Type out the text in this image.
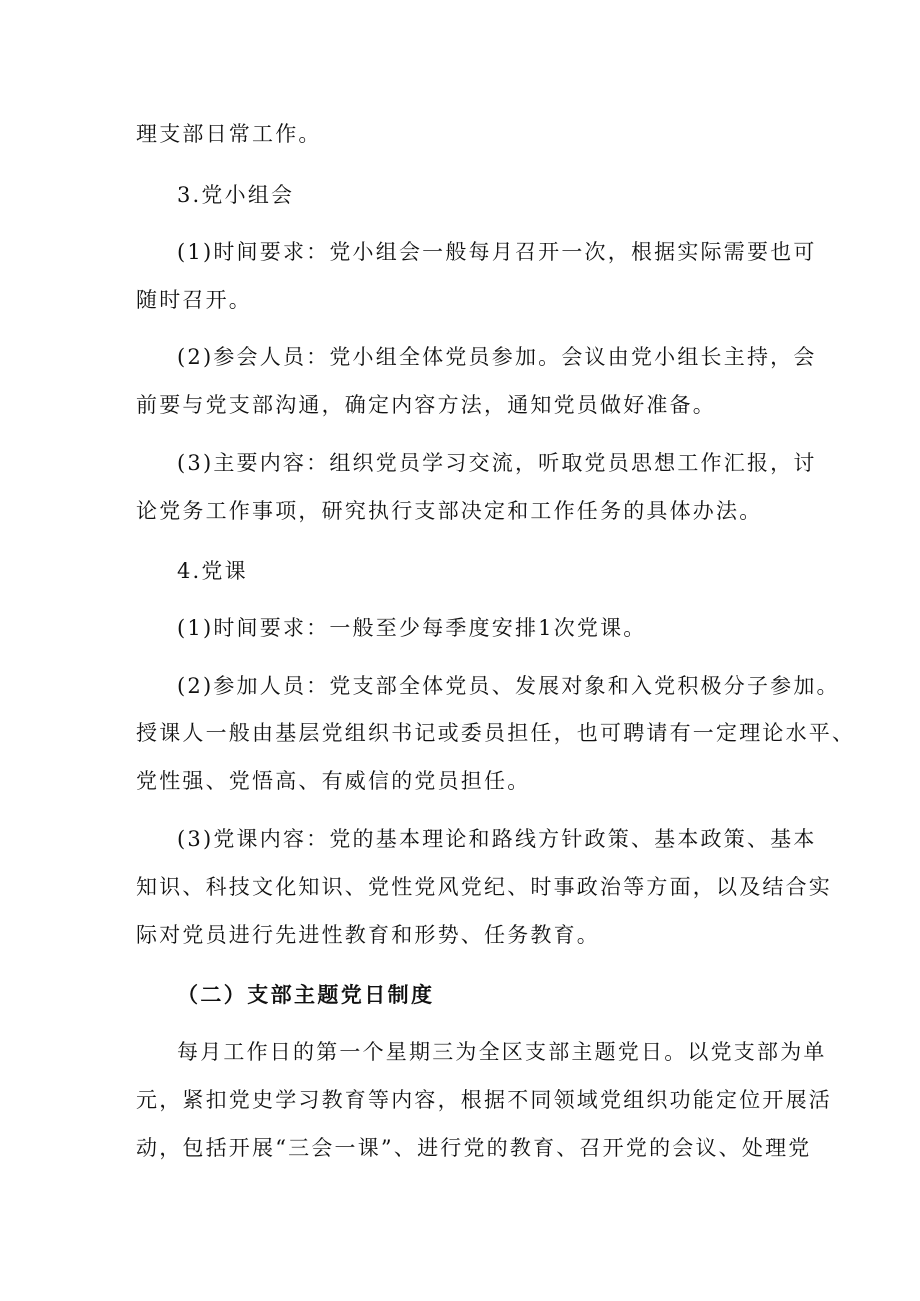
理支部日常工作。
3.党小组会
(1)时间要求：党小组会一般每月召开一次，根据实际需要也可
随时召开。
(2)参会人员：党小组全体党员参加。会议由党小组长主持，会
前要与党支部沟通，确定内容方法，通知党员做好准备。
(3)主要内容：组织党员学习交流，听取党员思想工作汇报，讨
论党务工作事项，研究执行支部决定和工作任务的具体办法。
4.党课
(1)时间要求：一般至少每季度安排1次党课。
(2)参加人员：党支部全体党员、发展对象和入党积极分子参加。
授课人一般由基层党组织书记或委员担任，也可聘请有一定理论水平、
党性强、党悟高、有威信的党员担任。
(3)党课内容：党的基本理论和路线方针政策、基本政策、基本
知识、科技文化知识、党性党风党纪、时事政治等方面，以及结合实
际对党员进行先进性教育和形势、任务教育。
（二）支部主题党日制度
每月工作日的第一个星期三为全区支部主题党日。以党支部为单
元，紧扣党史学习教育等内容，根据不同领域党组织功能定位开展活
动，包括开展“三会一课”、进行党的教育、召开党的会议、处理党
